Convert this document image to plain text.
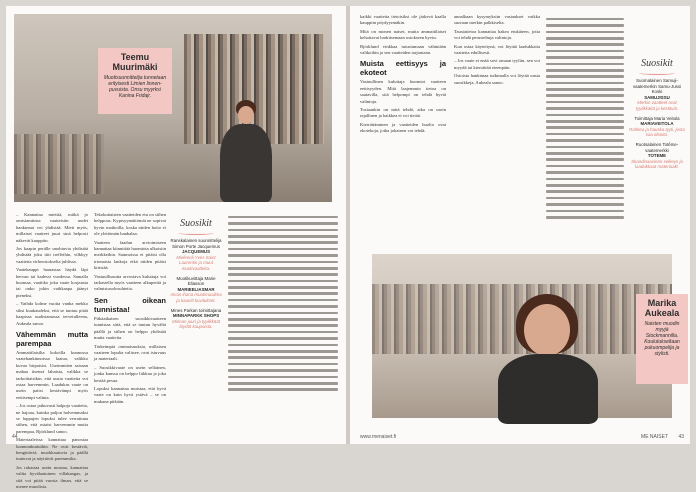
Teemu Muurimäki
Muotisuunnittelija tunnetaan erityisesti Limien linnen-puvuista. Onsu myyrksi Kanina Fridajr.

– Kannattaa miettiä, mitkä jo omistamiinsa vaatteisiin uudet hankinnat voi yhdistää. Mieti myös, millaiset vaatteet juuri sinä helposti näkevät kauppiin.

Jos kaapin perälle unohtuvia yhdistää yhdistää joku tiiti treffeihin, vilkkyy vaatteita virheostokselta juhlissa.

Vaatekauppi haarastaa häydä läpi hervan tai kadessi vuodessa. Samalla huomaa, vaatiiko joku vaate korjausta tai onko jokin vaihkaapa jäänyt pieneksi.

– Vaihda kolme vuotta vanha mekko siksi kuukaudeksi, että se tuntuu pitää kaapissa uudistamassa tervetulleena, Aukeala sanoo.

Vähemmän mutta parempaa

Ammattilaisilta kokoilla kunnossa vaatehankinnoissa laatua, valikko kuvaa hirpaisisi. Useimmiten saisaan mahaa itsensä lahaisia, valikka se tarkoittaisikin, että uusia vaatteita voi ostaa harvemmin. Laadukas vaate on usein paitsi kestävämpi myös eettisempi valinta.

– Jos ostaa jatkuvasti halpoja vaatteita, ne hajoaa, kuinka paljon halvemmaksi se loppujen lopuksi tulee verrattuna siihen, että ostaisi harvemmin mutta parempaa, Björklund sanoo.

Materiaaleissa kannattaa panostaa luonnonkuituihin. Ne ovat kestäviä, hengittäviä, muokkautuvia ja päällä tuntuvat ja näyttävät paremmilta.

Jos rakastaa usein mustaa, kannattaa valita hyvälaatuinen villakangas, ja sitä voi pitää vuosia ilman, että se menee muodista.

Tekokuitaisten vaatteiden etu on siihen helppous. Kypisyymättömät ne sopivat hyvin matkoilla, koska niiden hoito ei ole ylettömän hankalaa.

Vaatteen laadun arvioimiseen kannattaa kiinnittää huomiota ulkoisiin merkkeihin. Saumoissa ei pitäisi olla irtonaisia lankoja eikä niiden pitäisi kiristää.

Vastuullisuutta arvostava kuluttaja voi tarkastella myös vaatteen alkuperää ja valmistusolosuhteita.

Sen oikean tunnistaa!

Pitkäaikaisen suosikkivaatteen tunnistaa siitä, että se tuntuu hyvältä päällä ja siihen on helppo yhdistää muita vaatteita.

Tärkeimpiä ominaisuuksia, millaisen vaatteen lopulta valitsee, ovat istuvuus ja materiaali.

– Suosikkivaate on usein sellainen, jonka kanssa on helppo liikkua ja joka kestää pesua.

Lopuksi kannattaa muistaa, että hyvä vaate on kuin hyvä ystävä – se on mukana pitkään.

Suosikit
Ranskalainen suunnittelija Simon Porte Jacquemus
JACQUEMUS
Mielenoli Yves Saint Laurentin ja muut muotivaatteita.
Muotikuvittaja Marie Eliasson
MARIEELIASMAR
Aivan ihana muotimaailma ja kauniit kuvitukset.
Mines Parkan toimittajana
MINNAPARKK SHOPS
Minnan juuri ja tyylikkäät löydöt kaupoista.
44

kaikki vaatteita tietoisiksi ole järkevä kaalla kauppiin pöydyyrmäkin.

Mitä on monen naiset, mutta ammattilaiset kehottavat harkitsemaan ostokseen hyvin.

Björklund vinkkaa tutustumaan vähintään valikoihin ja sen vaatteiden tarjontaan.

Muista eettisyys ja ekoteot

Vastuullinen kuluttaja huomioi vaatteen eettisyyden. Mitä laajemmin tietoa on saatavilla, sitä helpompi on tehdä hyviä valintoja.

Tosiaankin on mitä tehdä, aika on usein rajallinen ja kaikkea ei voi tietää.

Kierrättäminen ja vaatteiden huolto ovat ekotekoja, jotka jokainen voi tehdä.

annalkaan kysymyksiin vastaukset vaikka suoraan merkin palkkiselta.

Taustatietoa kannattaa hakea etukäteen, jotta voi tehdä perusteltuja valintoja.

Kun ostaa käytettynä, voi löytää laadukkaita vaatteita edullisesti.

– Jos vaate ei enää sovi omaan tyyliin, sen voi myydä tai kierrättää eteenpäin.

Ostoista hankintaa tutkimalla voi löytää uusia suosikkeja, Aukeala sanoo.

Suosikit
Suomalainen Samuji-vaatemerkin Samu-Jussi Koski
SAMUJISSU
Merkin vaatteet ovat tyylikkäitä ja kestäviä.
Toimittaja Maria Veitola
MARIAVEITOLA
Rohkea ja hauska tyyli, josta saa ideoita.
Ruotsalainen Totême-vaatemerkki
TOTEME
Skandinaavinen selkeys ja laadukkaat materiaalit.
Marika Aukeala
Naisten muodin myyjä Stockmannilla. Koulutukseltaan pukuompelija ja stylisti.
www.menaiset.fi	ME NAISET 43
